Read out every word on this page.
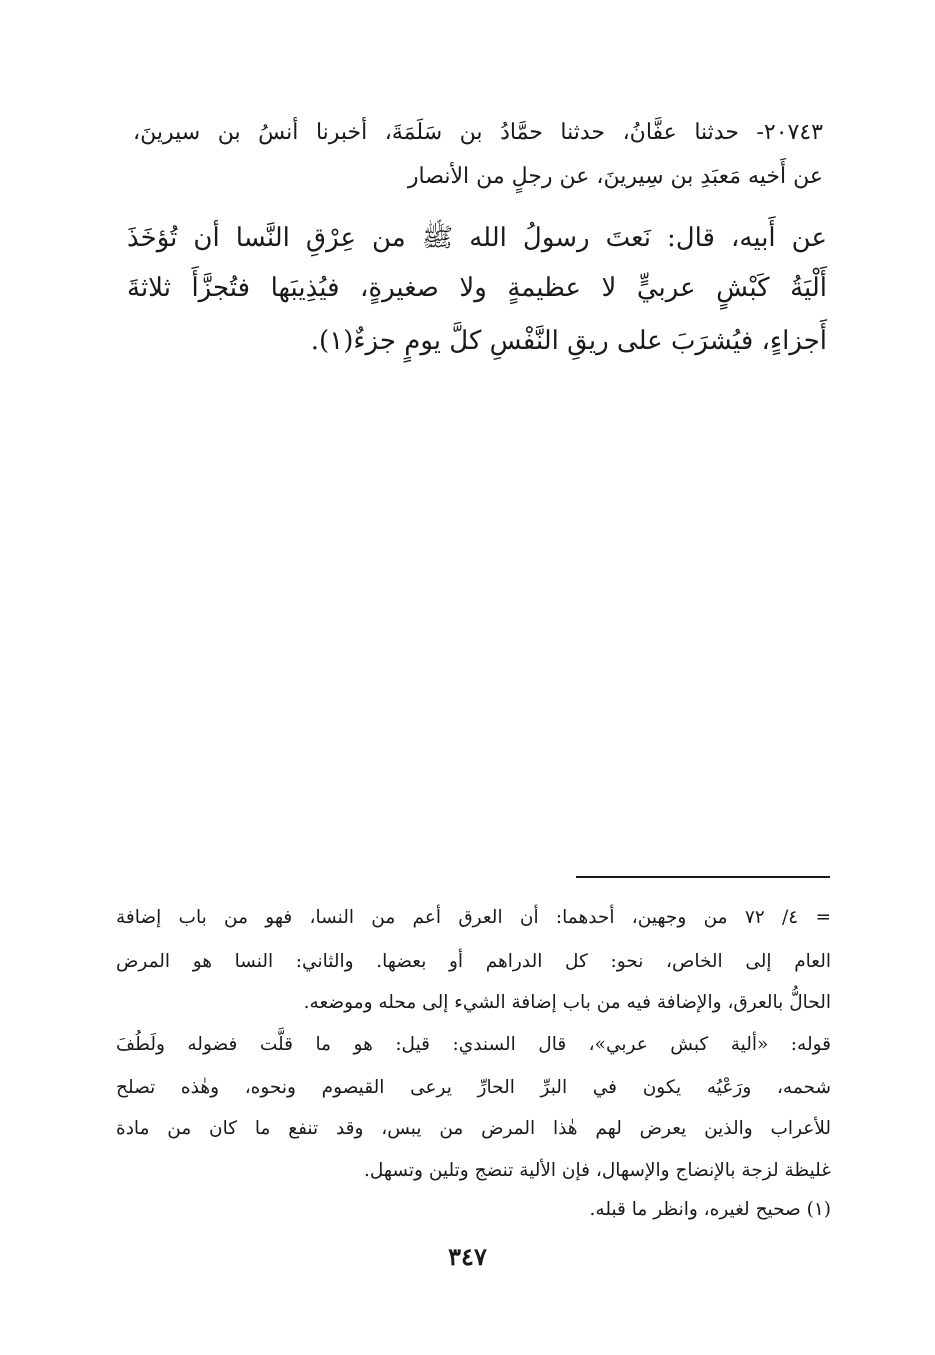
٢٠٧٤٣- حدثنا عفَّانُ، حدثنا حمَّادُ بن سَلَمَةَ، أخبرنا أنسُ بن سيرينَ،
عن أَخيه مَعبَدِ بن سِيرينَ، عن رجلٍ من الأنصار
عن أَبيه، قال: نَعتَ رسولُ الله ﷺ من عِرْقِ النَّسا أن تُؤخَذَ
أَلْيَةُ كَبْشٍ عربيٍّ لا عظيمةٍ ولا صغيرةٍ، فيُذِيبَها فتُجزَّأَ ثلاثةَ
أَجزاءٍ، فيُشرَبَ على ريقِ النَّفْسِ كلَّ يومٍ جزءٌ(١).
= ٤/ ٧٢ من وجهين، أحدهما: أن العرق أعم من النسا، فهو من باب إضافة
العام إلى الخاص، نحو: كل الدراهم أو بعضها. والثاني: النسا هو المرض
الحالُّ بالعرق، والإضافة فيه من باب إضافة الشيء إلى محله وموضعه.
قوله: «ألية كبش عربي»، قال السندي: قيل: هو ما قلَّت فضوله ولَطُفَ
شحمه، ورَعْيُه يكون في البرِّ الحارِّ يرعى القيصوم ونحوه، وهٰذه تصلح
للأعراب والذين يعرض لهم هٰذا المرض من يبس، وقد تنفع ما كان من مادة
غليظة لزجة بالإنضاج والإسهال، فإن الألية تنضج وتلين وتسهل.
(١) صحيح لغيره، وانظر ما قبله.
٣٤٧
